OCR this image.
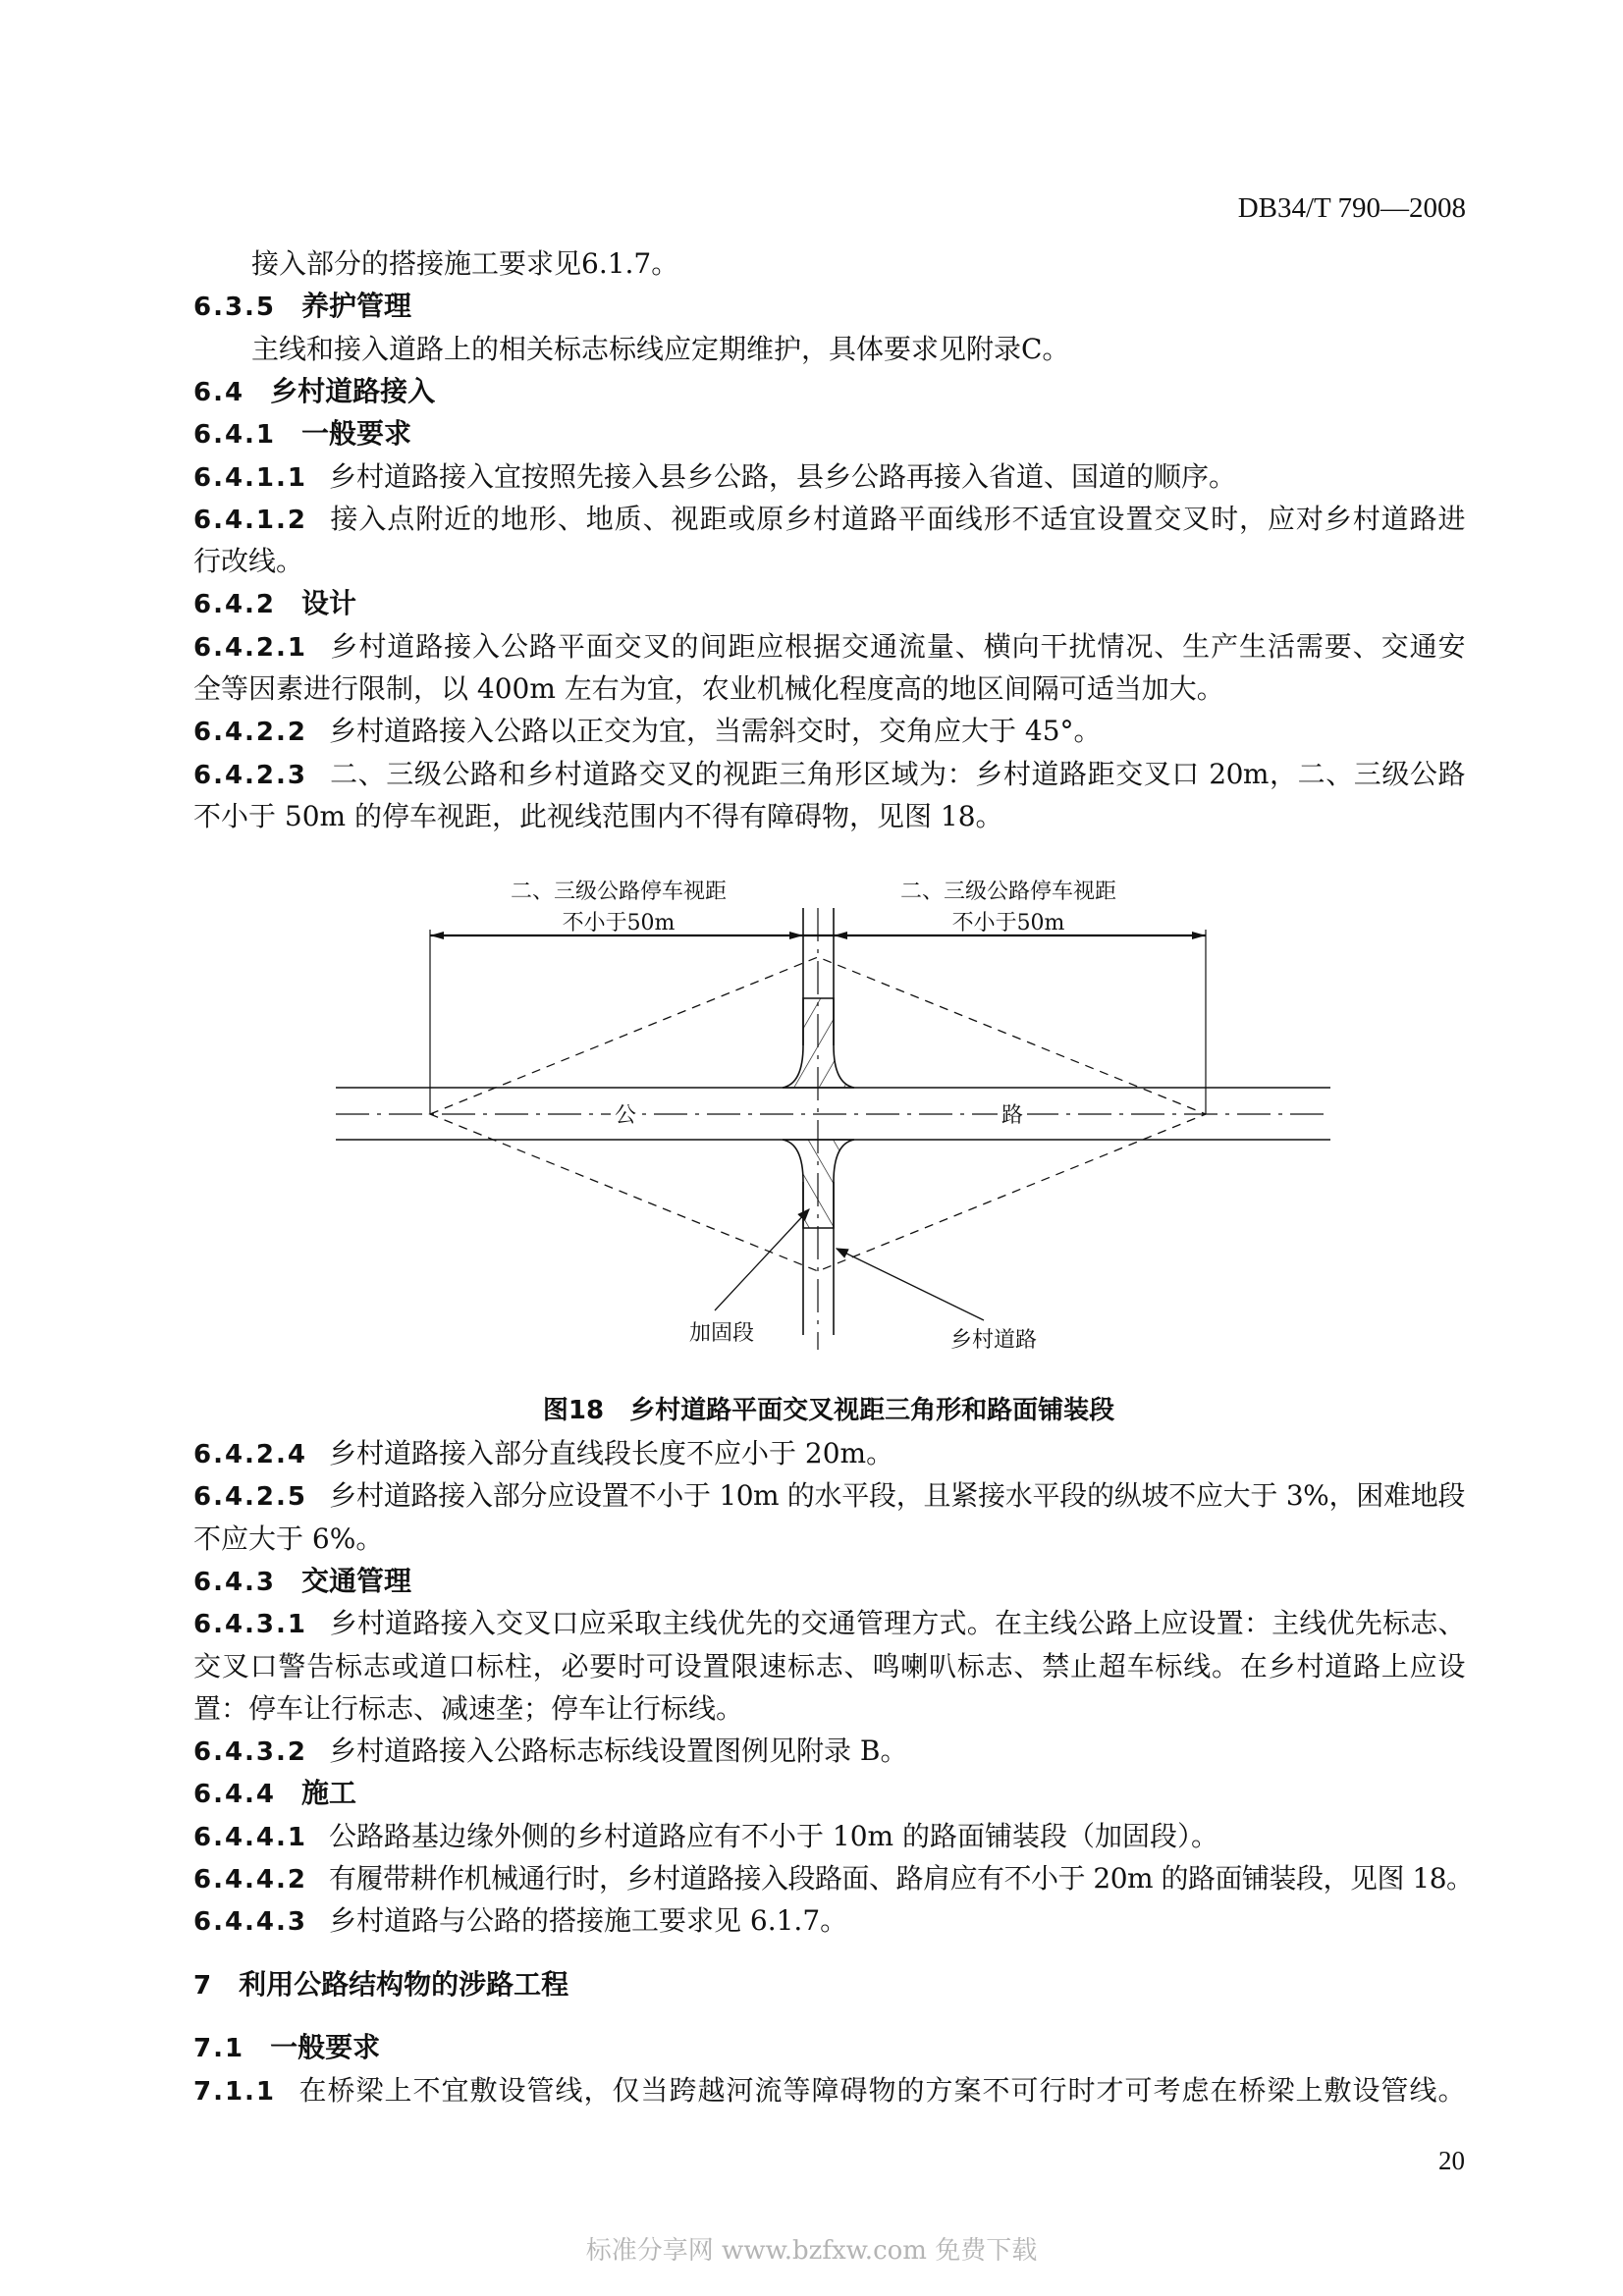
DB34/T 790—2008
接入部分的搭接施工要求见6.1.7。
6.3.5 养护管理
主线和接入道路上的相关标志标线应定期维护，具体要求见附录C。
6.4 乡村道路接入
6.4.1 一般要求
6.4.1.1 乡村道路接入宜按照先接入县乡公路，县乡公路再接入省道、国道的顺序。
6.4.1.2 接入点附近的地形、地质、视距或原乡村道路平面线形不适宜设置交叉时，应对乡村道路进
行改线。
6.4.2 设计
6.4.2.1 乡村道路接入公路平面交叉的间距应根据交通流量、横向干扰情况、生产生活需要、交通安
全等因素进行限制，以 400m 左右为宜，农业机械化程度高的地区间隔可适当加大。
6.4.2.2 乡村道路接入公路以正交为宜，当需斜交时，交角应大于 45°。
6.4.2.3 二、三级公路和乡村道路交叉的视距三角形区域为：乡村道路距交叉口 20m，二、三级公路
不小于 50m 的停车视距，此视线范围内不得有障碍物，见图 18。
二、三级公路停车视距
不小于50m
二、三级公路停车视距
不小于50m
公	路
加固段	乡村道路
图18 乡村道路平面交叉视距三角形和路面铺装段
6.4.2.4 乡村道路接入部分直线段长度不应小于 20m。
6.4.2.5 乡村道路接入部分应设置不小于 10m 的水平段，且紧接水平段的纵坡不应大于 3%，困难地段
不应大于 6%。
6.4.3 交通管理
6.4.3.1 乡村道路接入交叉口应采取主线优先的交通管理方式。在主线公路上应设置：主线优先标志、
交叉口警告标志或道口标柱，必要时可设置限速标志、鸣喇叭标志、禁止超车标线。在乡村道路上应设
置：停车让行标志、减速垄；停车让行标线。
6.4.3.2 乡村道路接入公路标志标线设置图例见附录 B。
6.4.4 施工
6.4.4.1 公路路基边缘外侧的乡村道路应有不小于 10m 的路面铺装段（加固段）。
6.4.4.2 有履带耕作机械通行时，乡村道路接入段路面、路肩应有不小于 20m 的路面铺装段，见图 18。
6.4.4.3 乡村道路与公路的搭接施工要求见 6.1.7。
7 利用公路结构物的涉路工程
7.1 一般要求
7.1.1 在桥梁上不宜敷设管线，仅当跨越河流等障碍物的方案不可行时才可考虑在桥梁上敷设管线。
20
标准分享网 www.bzfxw.com 免费下载
